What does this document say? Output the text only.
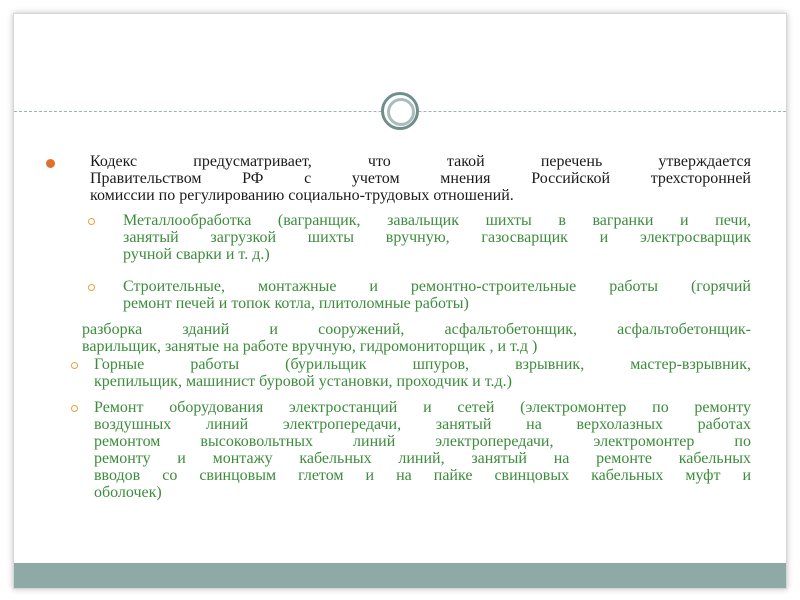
Кодекс предусматривает, что такой перечень утверждается
Правительством РФ с учетом мнения Российской трехсторонней
комиссии по регулированию социально-трудовых отношений.
Металлообработка (вагранщик, завальщик шихты в вагранки и печи,
занятый загрузкой шихты вручную, газосварщик и электросварщик
ручной сварки и т. д.)
Строительные, монтажные и ремонтно-строительные работы (горячий
ремонт печей и топок котла, плитоломные работы)
разборка зданий и сооружений, асфальтобетонщик, асфальтобетонщик-
варильщик, занятые на работе вручную, гидромониторщик , и т.д )
Горные работы (бурильщик шпуров, взрывник, мастер-взрывник,
крепильщик, машинист буровой установки, проходчик и т.д.)
Ремонт оборудования электростанций и сетей (электромонтер по ремонту
воздушных линий электропередачи, занятый на верхолазных работах
ремонтом высоковольтных линий электропередачи, электромонтер по
ремонту и монтажу кабельных линий, занятый на ремонте кабельных
вводов со свинцовым глетом и на пайке свинцовых кабельных муфт и
оболочек)
